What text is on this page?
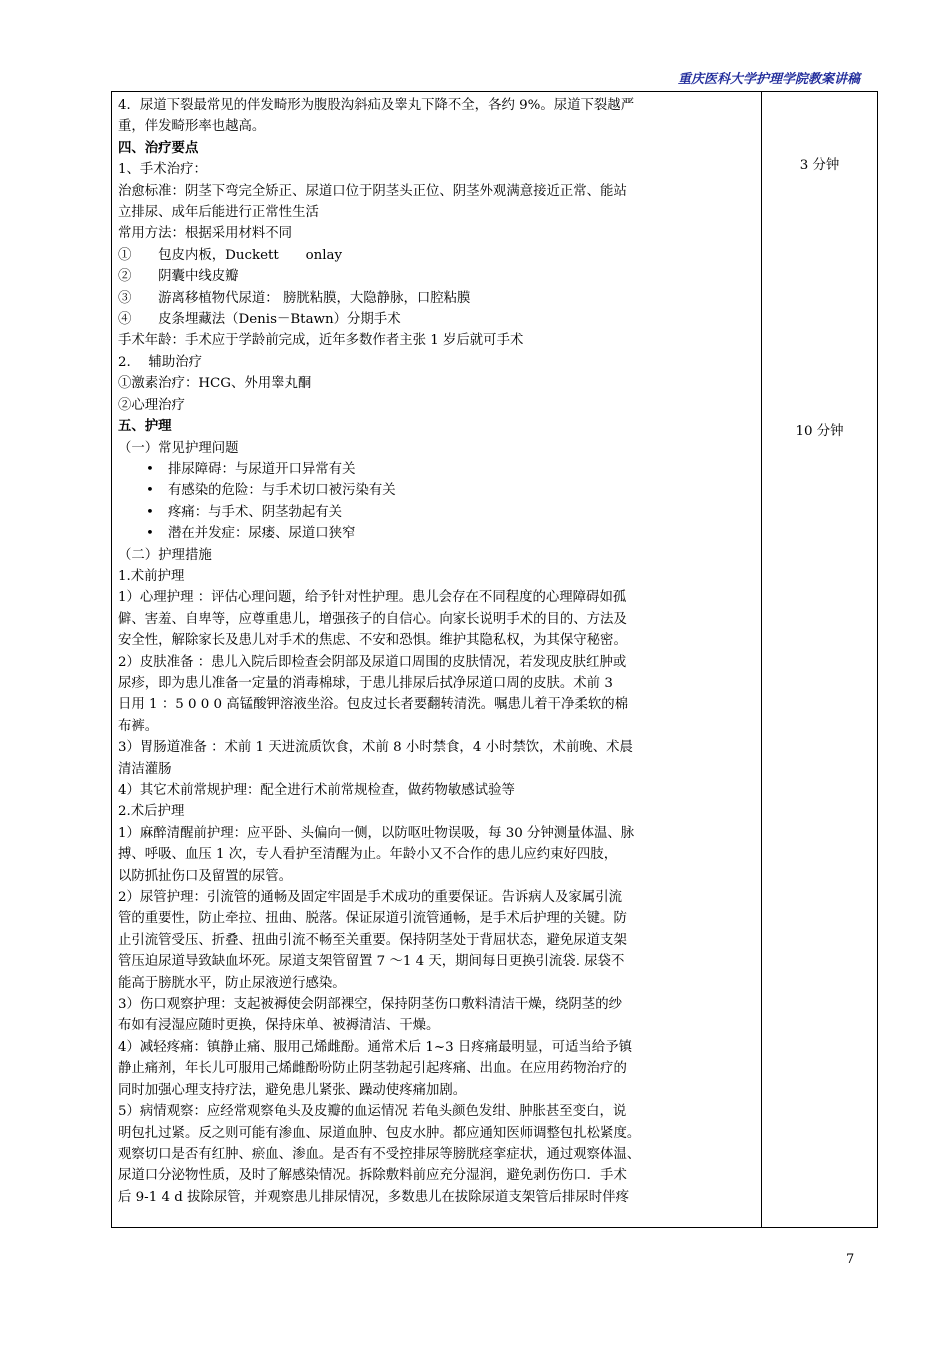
重庆医科大学护理学院教案讲稿
4．尿道下裂最常见的伴发畸形为腹股沟斜疝及睾丸下降不全，各约 9%。尿道下裂越严
重，伴发畸形率也越高。
四、治疗要点
1、手术治疗：
治愈标准：阴茎下弯完全矫正、尿道口位于阴茎头正位、阴茎外观满意接近正常、能站
立排尿、成年后能进行正常性生活
常用方法：根据采用材料不同
①　　包皮内板，Duckett　　onlay
②　　阴囊中线皮瓣
③　　游离移植物代尿道： 膀胱粘膜，大隐静脉，口腔粘膜
④　　皮条埋藏法（Denis－Btawn）分期手术
手术年龄：手术应于学龄前完成，近年多数作者主张 1 岁后就可手术
2.　 辅助治疗
①激素治疗：HCG、外用睾丸酮
②心理治疗
五、护理
（一）常见护理问题
• 排尿障碍：与尿道开口异常有关
• 有感染的危险：与手术切口被污染有关
• 疼痛：与手术、阴茎勃起有关
• 潜在并发症：尿瘘、尿道口狭窄
（二）护理措施
1.术前护理
1）心理护理 ：评估心理问题，给予针对性护理。患儿会存在不同程度的心理障碍如孤
僻、害羞、自卑等，应尊重患儿，增强孩子的自信心。向家长说明手术的目的、方法及
安全性，解除家长及患儿对手术的焦虑、不安和恐惧。维护其隐私权，为其保守秘密。
2）皮肤准备 ：患儿入院后即检查会阴部及尿道口周围的皮肤情况，若发现皮肤红肿或
尿疹，即为患儿准备一定量的消毒棉球，于患儿排尿后拭净尿道口周的皮肤。术前 3
日用 1 ：5 0 0 0 高锰酸钾溶液坐浴。包皮过长者要翻转清洗。嘱患儿着干净柔软的棉
布裤。
3）胃肠道准备 ：术前 1 天进流质饮食，术前 8 小时禁食，4 小时禁饮，术前晚、术晨
清洁灌肠
4）其它术前常规护理：配全进行术前常规检查，做药物敏感试验等
2.术后护理
1）麻醉清醒前护理：应平卧、头偏向一侧，以防呕吐物误吸，每 30 分钟测量体温、脉
搏、呼吸、血压 1 次，专人看护至清醒为止。年龄小又不合作的患儿应约束好四肢，
以防抓扯伤口及留置的尿管。
2）尿管护理：引流管的通畅及固定牢固是手术成功的重要保证。告诉病人及家属引流
管的重要性，防止牵拉、扭曲、脱落。保证尿道引流管通畅，是手术后护理的关键。防
止引流管受压、折叠、扭曲引流不畅至关重要。保持阴茎处于背屈状态，避免尿道支架
管压迫尿道导致缺血坏死。尿道支架管留置 7 ～1 4 天，期间每日更换引流袋. 尿袋不
能高于膀胱水平，防止尿液逆行感染。
3）伤口观察护理：支起被褥使会阴部裸空，保持阴茎伤口敷料清洁干燥，绕阴茎的纱
布如有浸湿应随时更换，保持床单、被褥清洁、干燥。
4）减轻疼痛：镇静止痛、服用己烯雌酚。通常术后 1~3 日疼痛最明显，可适当给予镇
静止痛剂，年长儿可服用己烯雌酚吩防止阴茎勃起引起疼痛、出血。在应用药物治疗的
同时加强心理支持疗法，避免患儿紧张、躁动使疼痛加剧。
5）病情观察：应经常观察龟头及皮瓣的血运情况 若龟头颜色发绀、肿胀甚至变白，说
明包扎过紧。反之则可能有渗血、尿道血肿、包皮水肿。都应通知医师调整包扎松紧度。
观察切口是否有红肿、瘀血、渗血。是否有不受控排尿等膀胱痉挛症状，通过观察体温、
尿道口分泌物性质，及时了解感染情况。拆除敷料前应充分湿润，避免剥伤伤口．手术
后 9-1 4 d 拔除尿管，并观察患儿排尿情况，多数患儿在拔除尿道支架管后排尿时伴疼
3 分钟
10 分钟
7
